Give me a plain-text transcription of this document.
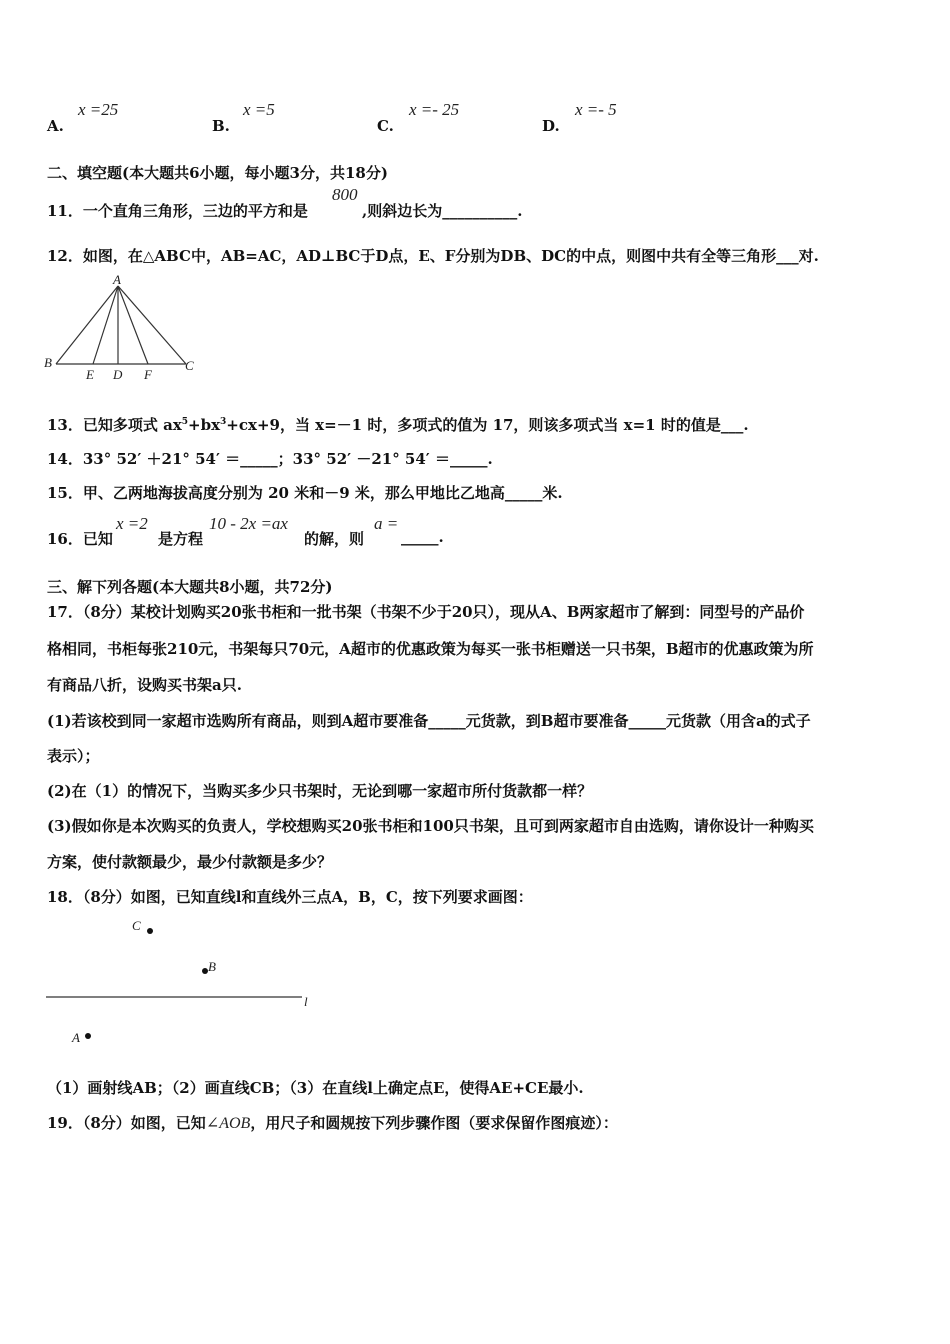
A.
x =25
B.
x =5
C.
x =- 25
D.
x =- 5
二、填空题(本大题共6小题，每小题3分，共18分)
11．一个直角三角形，三边的平方和是
800
,则斜边长为__________.
12．如图，在△ABC中，AB=AC，AD⊥BC于D点，E、F分别为DB、DC的中点，则图中共有全等三角形___对.
A
B	C
D
E	F
13．已知多项式 $ax^5+bx^3+cx+9$，当 x=－1 时，多项式的值为 17，则该多项式当 x=1 时的值是___.
14．33° 52′ ＋21° 54′ ＝_____；33° 52′ －21° 54′ ＝_____.
15．甲、乙两地海拔高度分别为 20 米和－9 米，那么甲地比乙地高_____米.
16．已知
x =2
是方程
10 - 2x =ax
的解，则
a =
_____.
三、解下列各题(本大题共8小题，共72分)
17．（8分）某校计划购买20张书柜和一批书架（书架不少于20只），现从A、B两家超市了解到：同型号的产品价
格相同，书柜每张210元，书架每只70元，A超市的优惠政策为每买一张书柜赠送一只书架，B超市的优惠政策为所
有商品八折，设购买书架a只.
(1)若该校到同一家超市选购所有商品，则到A超市要准备_____元货款，到B超市要准备_____元货款（用含a的式子
表示）；
(2)在（1）的情况下，当购买多少只书架时，无论到哪一家超市所付货款都一样？
(3)假如你是本次购买的负责人，学校想购买20张书柜和100只书架，且可到两家超市自由选购，请你设计一种购买
方案，使付款额最少，最少付款额是多少？
18．（8分）如图，已知直线l和直线外三点A，B，C，按下列要求画图：
C
B
l
A
（1）画射线AB；（2）画直线CB；（3）在直线l上确定点E，使得AE+CE最小.
19．（8分）如图，已知∠AOB，用尺子和圆规按下列步骤作图（要求保留作图痕迹）：
